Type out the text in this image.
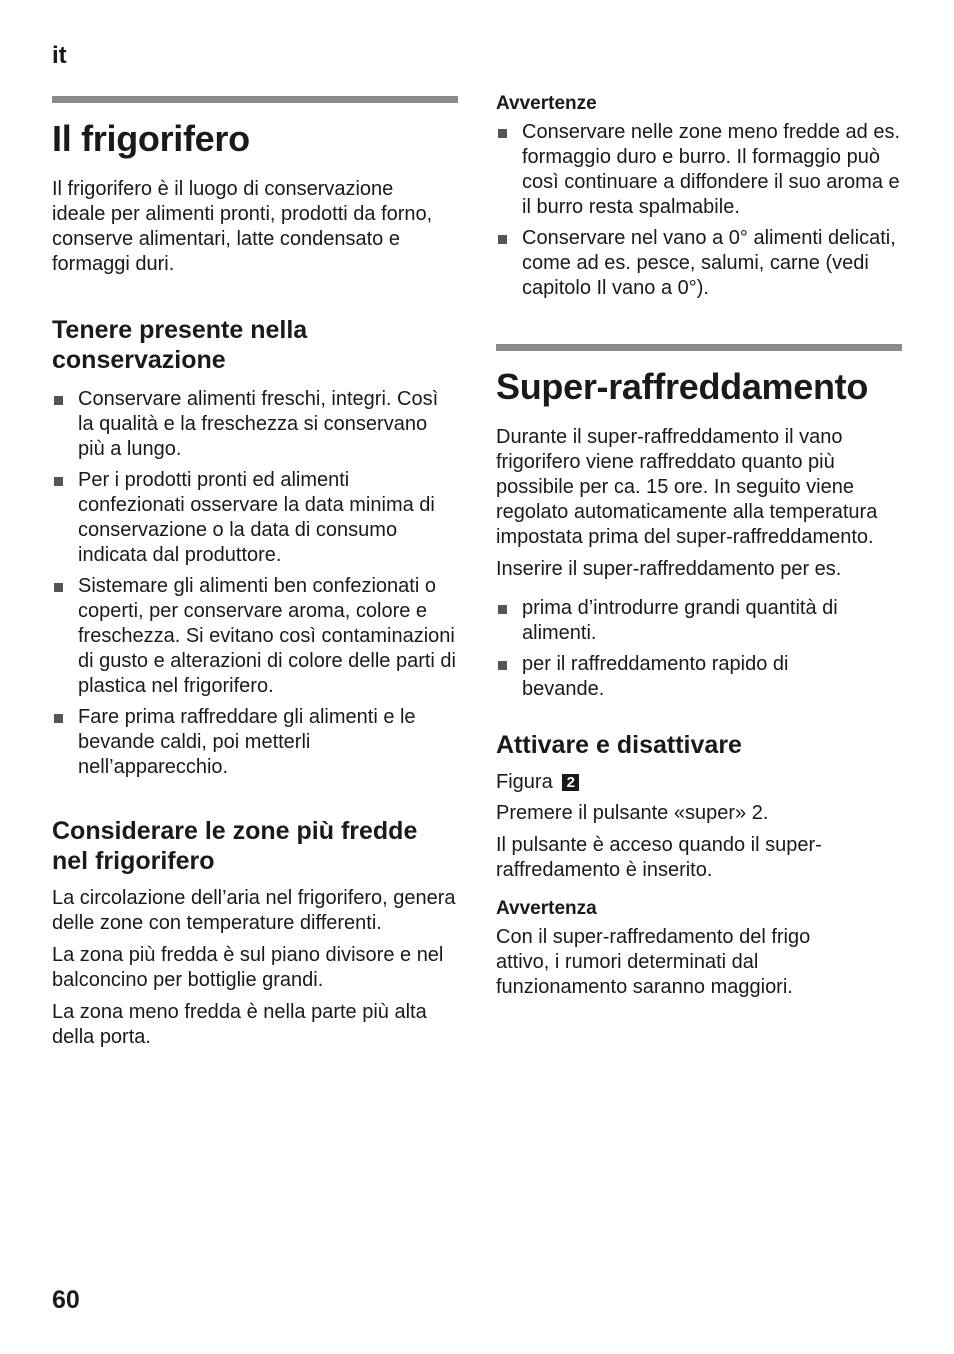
it
Il frigorifero

Il frigorifero è il luogo di conservazione ideale per alimenti pronti, prodotti da forno, conserve alimentari, latte condensato e formaggi duri.

Tenere presente nella conservazione
Conservare alimenti freschi, integri. Così la qualità e la freschezza si conservano più a lungo.
Per i prodotti pronti ed alimenti confezionati osservare la data minima di conservazione o la data di consumo indicata dal produttore.
Sistemare gli alimenti ben confezionati o coperti, per conservare aroma, colore e freschezza. Si evitano così contaminazioni di gusto e alterazioni di colore delle parti di plastica nel frigorifero.
Fare prima raffreddare gli alimenti e le bevande caldi, poi metterli nell’apparecchio.
Considerare le zone più fredde nel frigorifero

La circolazione dell’aria nel frigorifero, genera delle zone con temperature differenti.

La zona più fredda è sul piano divisore e nel balconcino per bottiglie grandi.

La zona meno fredda è nella parte più alta della porta.

Avvertenze
Conservare nelle zone meno fredde ad es. formaggio duro e burro. Il formaggio può così continuare a diffondere il suo aroma e il burro resta spalmabile.
Conservare nel vano a 0° alimenti delicati, come ad es. pesce, salumi, carne (vedi capitolo Il vano a 0°).
Super-raffreddamento

Durante il super-raffreddamento il vano frigorifero viene raffreddato quanto più possibile per ca. 15 ore. In seguito viene regolato automaticamente alla temperatura impostata prima del super-raffreddamento.

Inserire il super-raffreddamento per es.

prima d’introdurre grandi quantità di alimenti.
per il raffreddamento rapido di bevande.
Attivare e disattivare

Figura 2

Premere il pulsante «super» 2.

Il pulsante è acceso quando il super-raffredamento è inserito.

Avvertenza

Con il super-raffredamento del frigo attivo, i rumori determinati dal funzionamento saranno maggiori.

60
